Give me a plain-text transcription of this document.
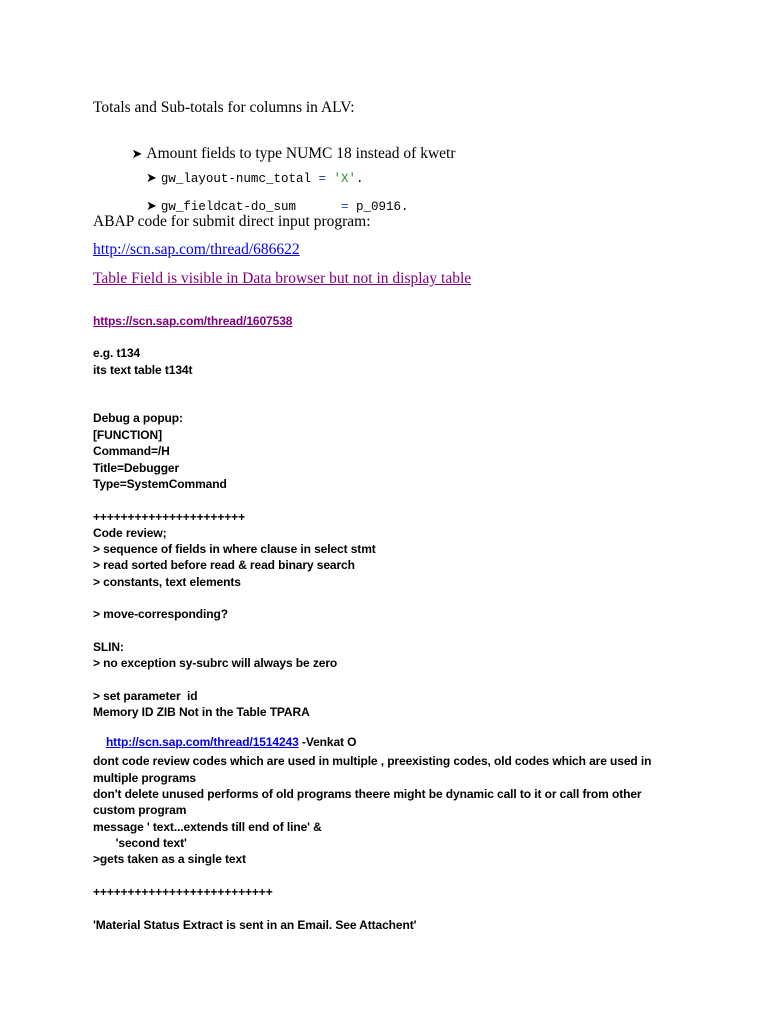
Totals and Sub-totals for columns in ALV:

➤ Amount fields to type NUMC 18 instead of kwetr

➤ gw_layout-numc_total = 'X'.

➤ gw_fieldcat-do_sum      = p_0916.

ABAP code for submit direct input program:
http://scn.sap.com/thread/686622
Table Field is visible in Data browser but not in display table
https://scn.sap.com/thread/1607538
e.g. t134
its text table t134t
Debug a popup:
[FUNCTION]
Command=/H
Title=Debugger
Type=SystemCommand
++++++++++++++++++++++
Code review;
> sequence of fields in where clause in select stmt
> read sorted before read & read binary search
> constants, text elements
> move-corresponding?
SLIN:
> no exception sy-subrc will always be zero
> set parameter  id
Memory ID ZIB Not in the Table TPARA

http://scn.sap.com/thread/1514243 -Venkat O

dont code review codes which are used in multiple , preexisting codes, old codes which are used in
multiple programs
don't delete unused performs of old programs theere might be dynamic call to it or call from other
custom program
message ' text...extends till end of line' &
'second text'
>gets taken as a single text
++++++++++++++++++++++++++
'Material Status Extract is sent in an Email. See Attachent'
